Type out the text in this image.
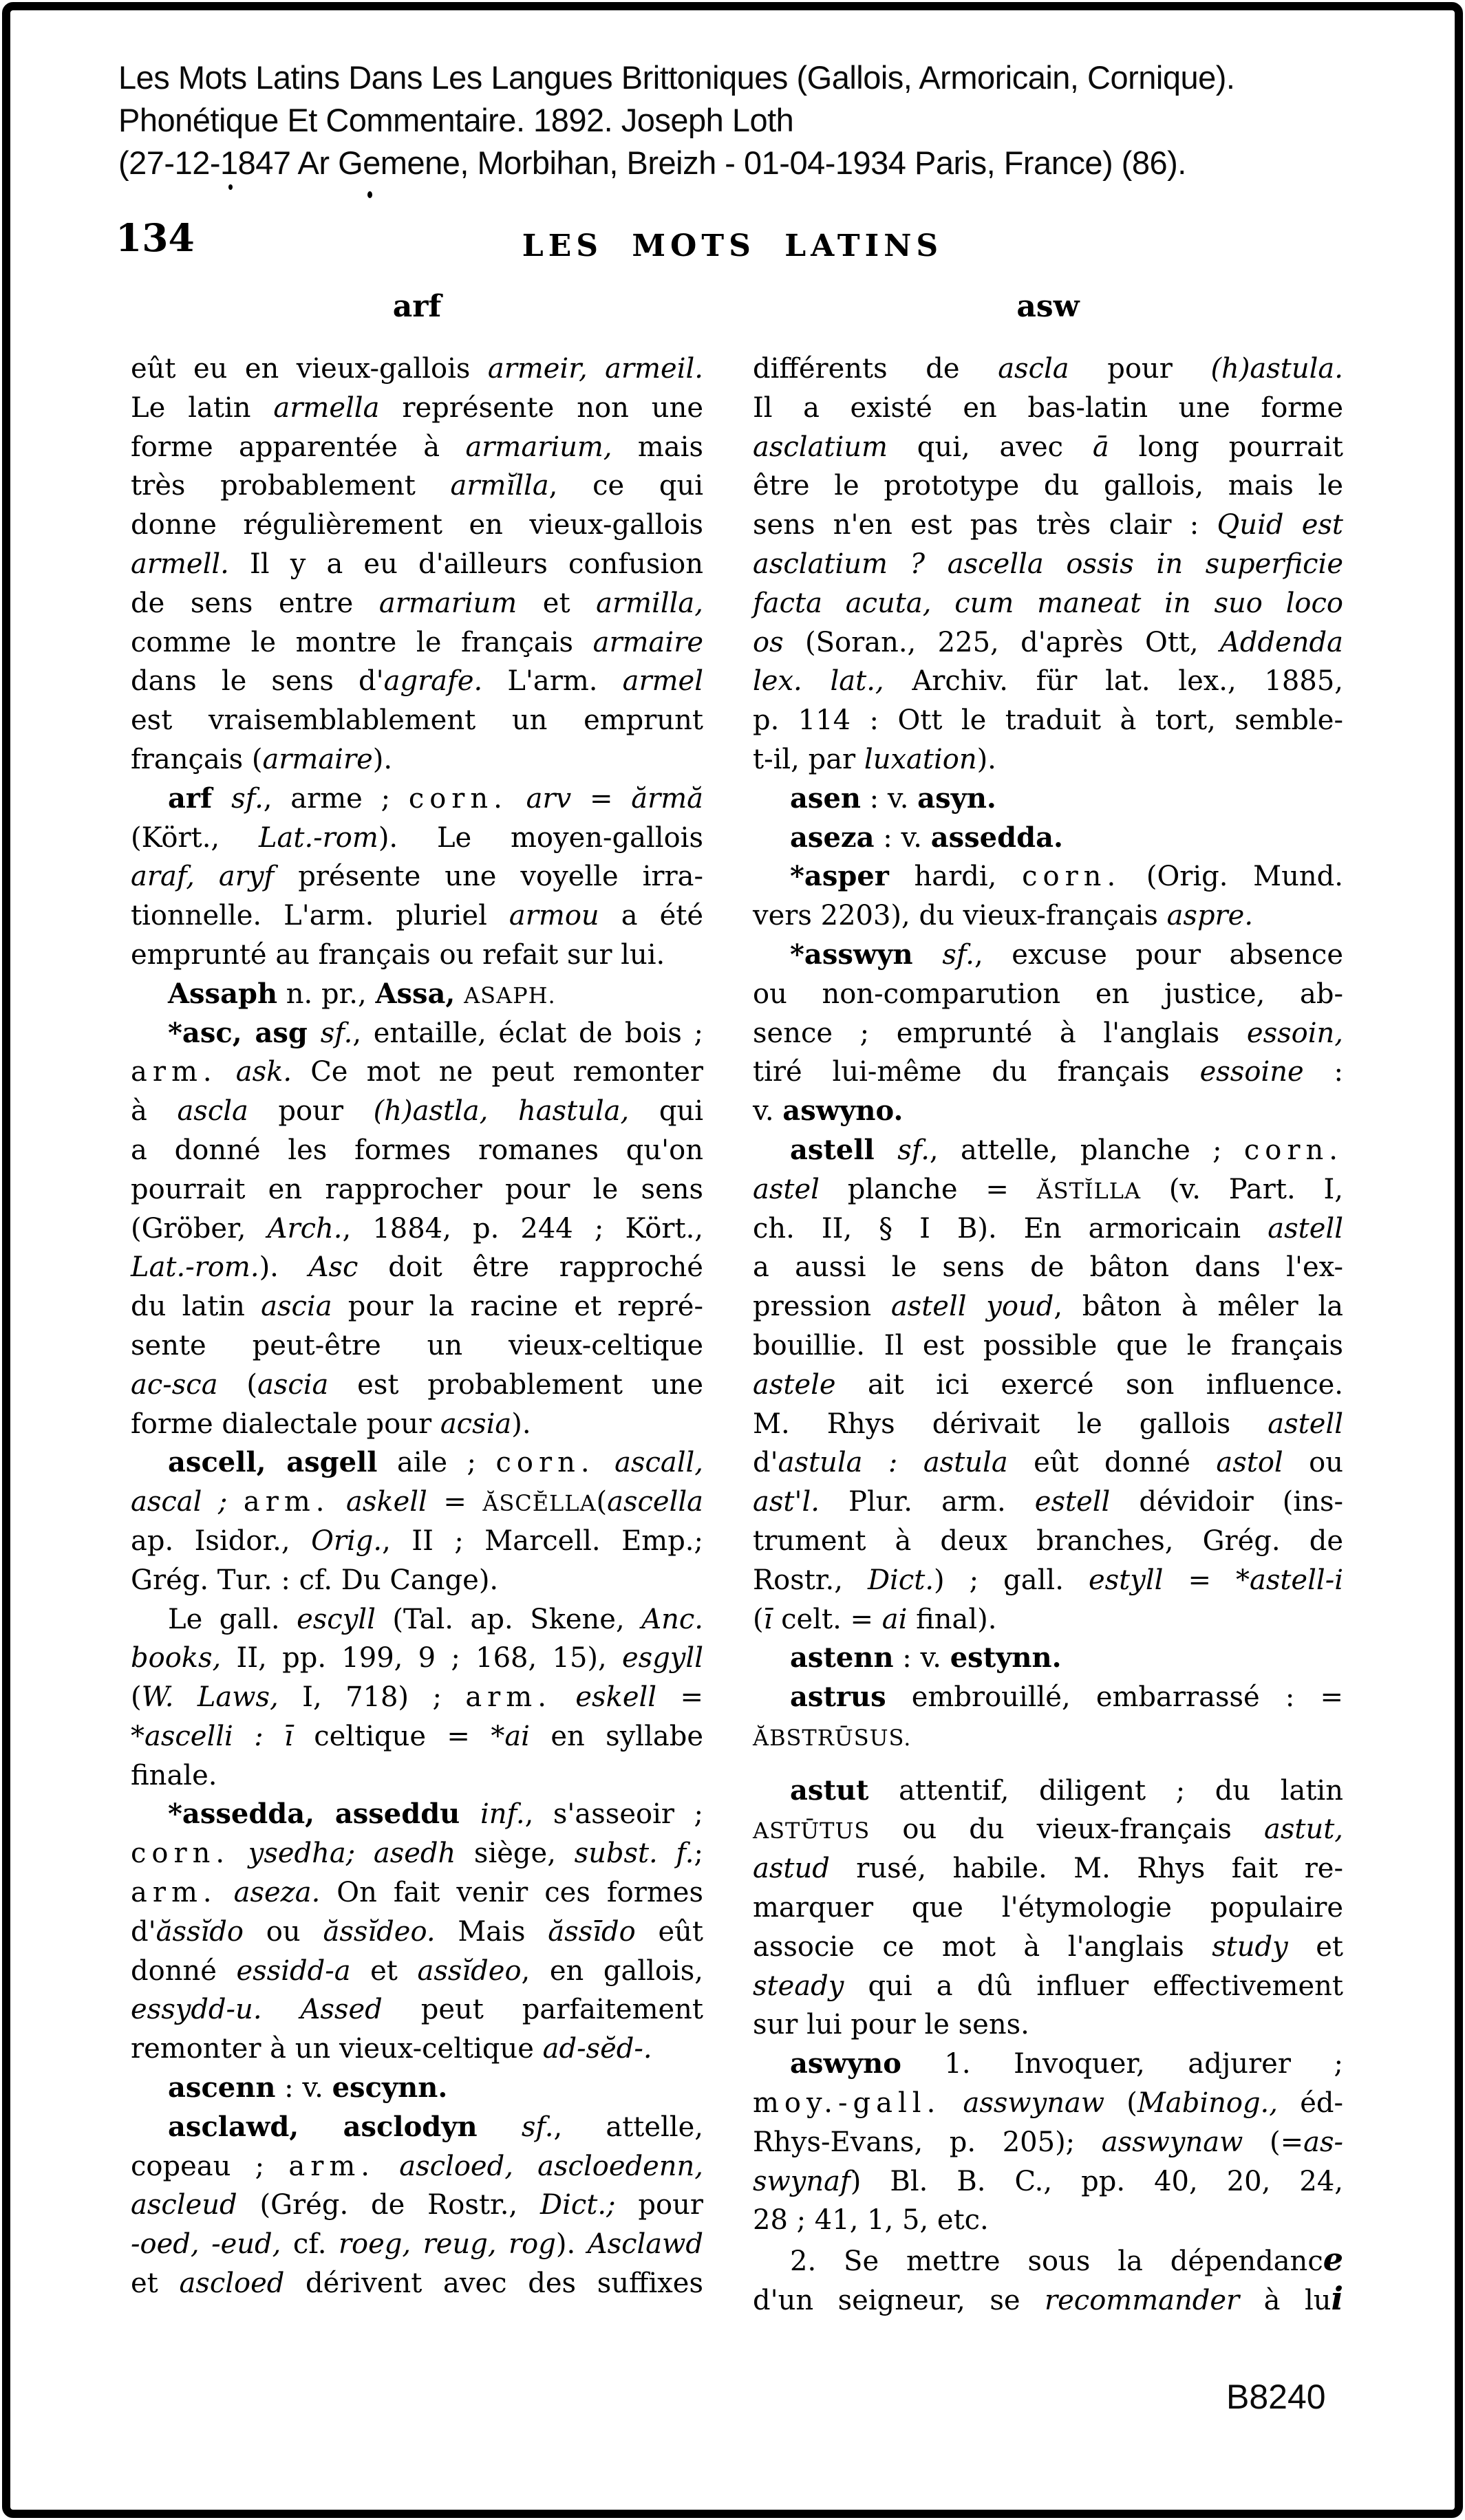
Les Mots Latins Dans Les Langues Brittoniques (Gallois, Armoricain, Cornique).
Phonétique Et Commentaire. 1892. Joseph Loth
(27-12-1847 Ar Gemene, Morbihan, Breizh - 01-04-1934 Paris, France) (86).
134	LES MOTS LATINS
arf
eût eu en vieux-gallois armeir, armeil.
Le latin armella représente non une
forme apparentée à armarium, mais
très probablement armĭlla, ce qui
donne régulièrement en vieux-gallois
armell. Il y a eu d'ailleurs confusion
de sens entre armarium et armilla,
comme le montre le français armaire
dans le sens d'agrafe. L'arm. armel
est vraisemblablement un emprunt
français (armaire).
arf sf., arme ; corn. arv = ărmă
(Kört., Lat.-rom). Le moyen-gallois
araf, aryf présente une voyelle irra-
tionnelle. L'arm. pluriel armou a été
emprunté au français ou refait sur lui.
Assaph n. pr., Assa, ASAPH.
*asc, asg sf., entaille, éclat de bois ;
arm. ask. Ce mot ne peut remonter
à ascla pour (h)astla, hastula, qui
a donné les formes romanes qu'on
pourrait en rapprocher pour le sens
(Gröber, Arch., 1884, p. 244 ; Kört.,
Lat.-rom.). Asc doit être rapproché
du latin ascia pour la racine et repré-
sente peut-être un vieux-celtique
ac-sca (ascia est probablement une
forme dialectale pour acsia).
ascell, asgell aile ; corn. ascall,
ascal ; arm. askell = ĂSCĔLLA(ascella
ap. Isidor., Orig., II ; Marcell. Emp.;
Grég. Tur. : cf. Du Cange).
Le gall. escyll (Tal. ap. Skene, Anc.
books, II, pp. 199, 9 ; 168, 15), esgyll
(W. Laws, I, 718) ; arm. eskell =
*ascelli : ī celtique = *ai en syllabe
finale.
*assedda, asseddu inf., s'asseoir ;
corn. ysedha; asedh siège, subst. f.;
arm. aseza. On fait venir ces formes
d'ăssĭdo ou ăssĭdeo. Mais ăssīdo eût
donné essidd-a et assĭdeo, en gallois,
essydd-u. Assed peut parfaitement
remonter à un vieux-celtique ad-sĕd-.
ascenn : v. escynn.
asclawd, asclodyn sf., attelle,
copeau ; arm. ascloed, ascloedenn,
ascleud (Grég. de Rostr., Dict.; pour
-oed, -eud, cf. roeg, reug, rog). Asclawd
et ascloed dérivent avec des suffixes
asw
différents de ascla pour (h)astula.
Il a existé en bas-latin une forme
asclatium qui, avec ā long pourrait
être le prototype du gallois, mais le
sens n'en est pas très clair : Quid est
asclatium ? ascella ossis in superficie
facta acuta, cum maneat in suo loco
os (Soran., 225, d'après Ott, Addenda
lex. lat., Archiv. für lat. lex., 1885,
p. 114 : Ott le traduit à tort, semble-
t-il, par luxation).
asen : v. asyn.
aseza : v. assedda.
*asper hardi, corn. (Orig. Mund.
vers 2203), du vieux-français aspre.
*asswyn sf., excuse pour absence
ou non-comparution en justice, ab-
sence ; emprunté à l'anglais essoin,
tiré lui-même du français essoine :
v. aswyno.
astell sf., attelle, planche ; corn.
astel planche = ĂSTĬLLA (v. Part. I,
ch. II, § I B). En armoricain astell
a aussi le sens de bâton dans l'ex-
pression astell youd, bâton à mêler la
bouillie. Il est possible que le français
astele ait ici exercé son influence.
M. Rhys dérivait le gallois astell
d'astula : astula eût donné astol ou
ast'l. Plur. arm. estell dévidoir (ins-
trument à deux branches, Grég. de
Rostr., Dict.) ; gall. estyll = *astell-i
(ī celt. = ai final).
astenn : v. estynn.
astrus embrouillé, embarrassé : =
ĂBSTRŪSUS.
astut attentif, diligent ; du latin
ASTŪTUS ou du vieux-français astut,
astud rusé, habile. M. Rhys fait re-
marquer que l'étymologie populaire
associe ce mot à l'anglais study et
steady qui a dû influer effectivement
sur lui pour le sens.
aswyno 1. Invoquer, adjurer ;
moy.-gall. asswynaw (Mabinog., éd-
Rhys-Evans, p. 205); asswynaw (=as-
swynaf) Bl. B. C., pp. 40, 20, 24,
28 ; 41, 1, 5, etc.
2. Se mettre sous la dépendance
d'un seigneur, se recommander à lui
B8240
